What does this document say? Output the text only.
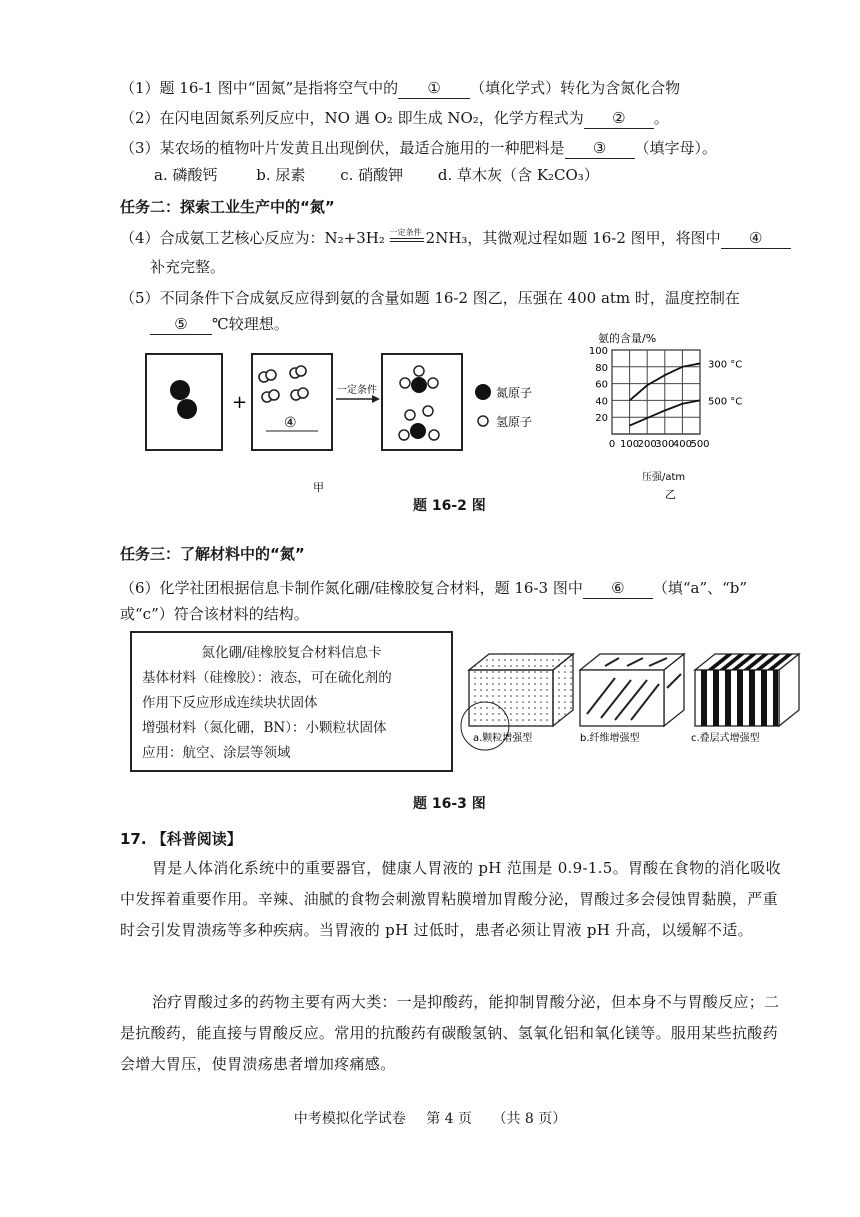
（1）题 16-1 图中“固氮”是指将空气中的 ① （填化学式）转化为含氮化合物
（2）在闪电固氮系列反应中，NO 遇 O₂ 即生成 NO₂，化学方程式为 ② 。
（3）某农场的植物叶片发黄且出现倒伏，最适合施用的一种肥料是 ③ （填字母）。
a. 磷酸钙	b. 尿素 c. 硝酸钾 d. 草木灰（含 K₂CO₃）
任务二：探索工业生产中的“氮”
（4）合成氨工艺核心反应为：N₂+3H₂ 一定条件 2NH₃，其微观过程如题 16-2 图甲，将图中 ④
补充完整。
（5）不同条件下合成氨反应得到氨的含量如题 16-2 图乙，压强在 400 atm 时，温度控制在
⑤ ℃较理想。
+
④
一定条件	氮原子
氢原子
甲
氨的含量/%
300 °C
500 °C
0 100
200
300
400
500
20
40
60
80
100
压强/atm
乙
题 16-2 图
任务三：了解材料中的“氮”
（6）化学社团根据信息卡制作氮化硼/硅橡胶复合材料，题 16-3 图中 ⑥ （填“a”、“b”
或“c”）符合该材料的结构。
氮化硼/硅橡胶复合材料信息卡
基体材料（硅橡胶）：液态，可在硫化剂的
作用下反应形成连续块状固体
增强材料（氮化硼，BN）：小颗粒状固体
应用：航空、涂层等领域
a.颗粒增强型	b.纤维增强型	c.叠层式增强型
题 16-3 图
17. 【科普阅读】
胃是人体消化系统中的重要器官，健康人胃液的 pH 范围是 0.9-1.5。胃酸在食物的消化吸收中发挥着重要作用。辛辣、油腻的食物会刺激胃粘膜增加胃酸分泌，胃酸过多会侵蚀胃黏膜，严重时会引发胃溃疡等多种疾病。当胃液的 pH 过低时，患者必须让胃液 pH 升高，以缓解不适。
治疗胃酸过多的药物主要有两大类：一是抑酸药，能抑制胃酸分泌，但本身不与胃酸反应；二是抗酸药，能直接与胃酸反应。常用的抗酸药有碳酸氢钠、氢氧化铝和氧化镁等。服用某些抗酸药会增大胃压，使胃溃疡患者增加疼痛感。
中考模拟化学试卷 第 4 页 （共 8 页）
